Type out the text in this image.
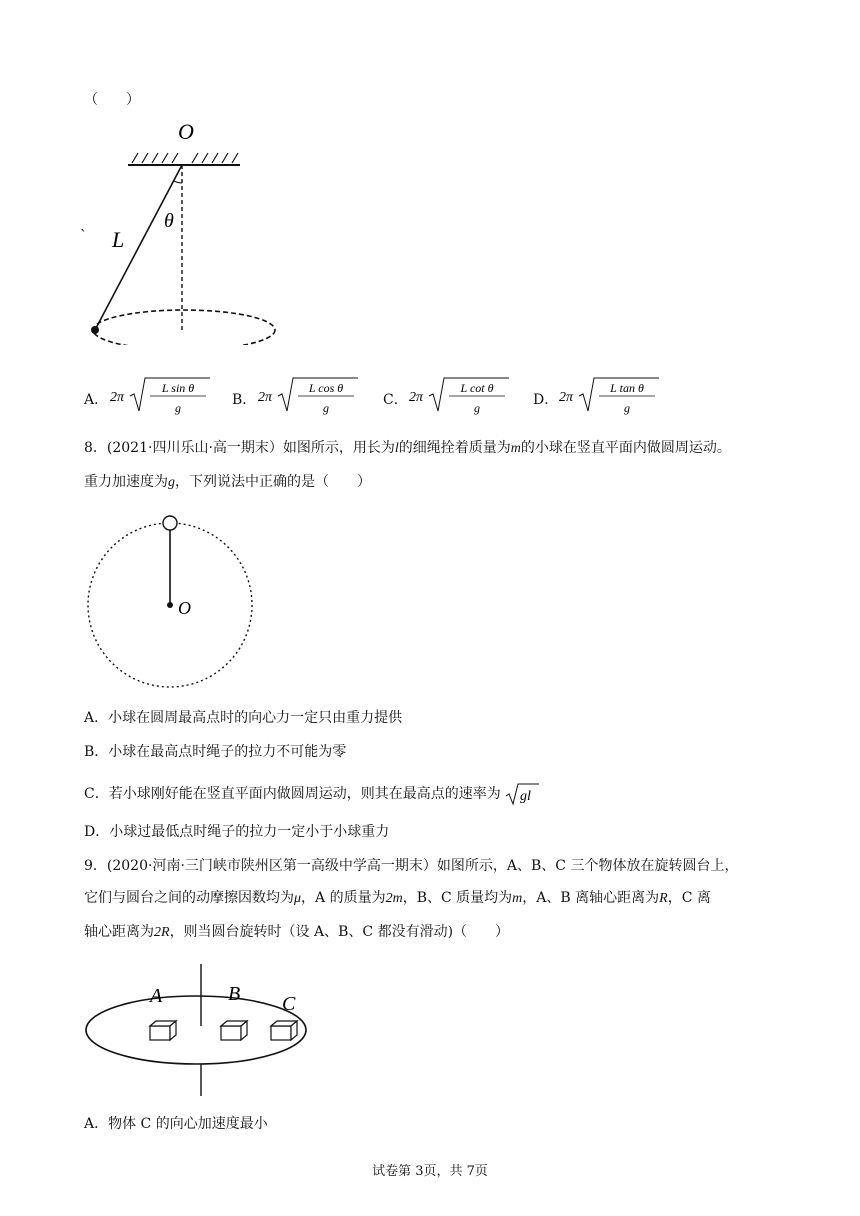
（　　）
O
θ
L
`
A． 2π
L sin θ
g	B． 2π
L cos θ
g	C． 2π
L cot θ
g	D． 2π
L tan θ
g
8．(2021·四川乐山·高一期末）如图所示，用长为l的细绳拴着质量为m的小球在竖直平面内做圆周运动。
重力加速度为g，下列说法中正确的是（　　）
O
A．小球在圆周最高点时的向心力一定只由重力提供
B．小球在最高点时绳子的拉力不可能为零
C．若小球刚好能在竖直平面内做圆周运动，则其在最高点的速率为 gl
D．小球过最低点时绳子的拉力一定小于小球重力
9．(2020·河南·三门峡市陕州区第一高级中学高一期末）如图所示，A、B、C 三个物体放在旋转圆台上，
它们与圆台之间的动摩擦因数均为μ，A 的质量为2m，B、C 质量均为m，A、B 离轴心距离为R，C 离
轴心距离为2R，则当圆台旋转时（设 A、B、C 都没有滑动)（　　）
A	B C
A．物体 C 的向心加速度最小
试卷第 3页，共 7页
